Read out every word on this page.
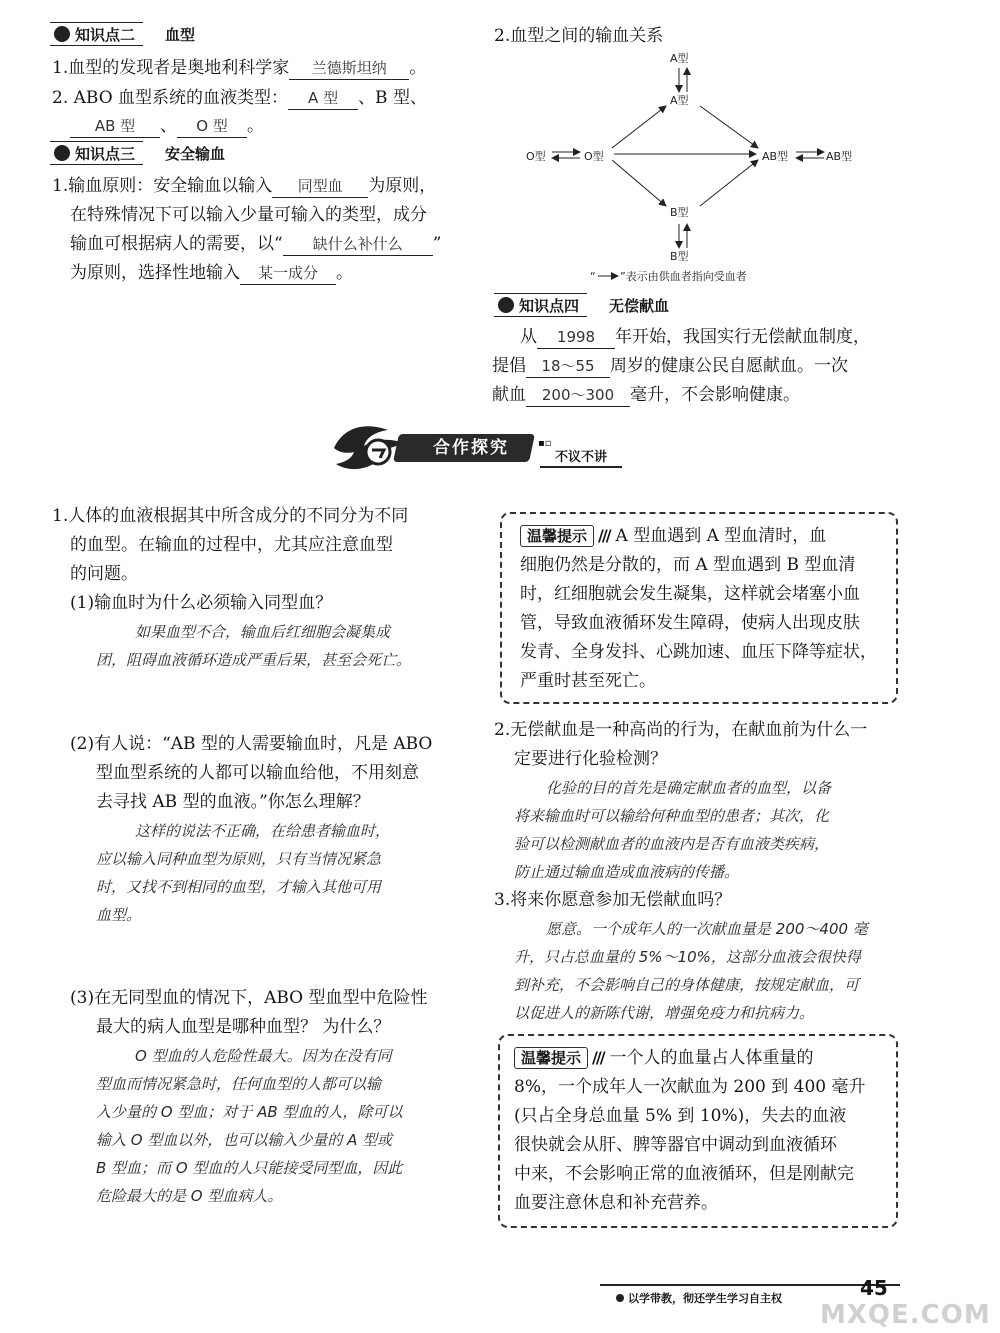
知识点二 血型
1.血型的发现者是奥地利科学家 兰德斯坦纳 。
2. ABO 血型系统的血液类型： A 型 、B 型、
AB 型 、 O 型 。
知识点三 安全输血
1.输血原则：安全输血以输入 同型血 为原则，
在特殊情况下可以输入少量可输入的类型，成分
输血可根据病人的需要，以“ 缺什么补什么 ”
为原则，选择性地输入 某一成分 。
2.血型之间的输血关系
A型
A型
O型	O型	AB型	AB型
B型
B型
“ ”表示由供血者指向受血者
知识点四 无偿献血
从 1998 年开始，我国实行无偿献血制度，
提倡 18～55 周岁的健康公民自愿献血。一次
献血 200～300 毫升，不会影响健康。
合作探究	▪▫
不议不讲
1.人体的血液根据其中所含成分的不同分为不同
的血型。在输血的过程中，尤其应注意血型
的问题。
(1)输血时为什么必须输入同型血？
如果血型不合，输血后红细胞会凝集成
团，阻碍血液循环造成严重后果，甚至会死亡。
(2)有人说：“AB 型的人需要输血时，凡是 ABO
型血型系统的人都可以输血给他，不用刻意
去寻找 AB 型的血液。”你怎么理解？
这样的说法不正确，在给患者输血时，
应以输入同种血型为原则，只有当情况紧急
时，又找不到相同的血型，才输入其他可用
血型。
(3)在无同型血的情况下，ABO 型血型中危险性
最大的病人血型是哪种血型？ 为什么？
O 型血的人危险性最大。因为在没有同
型血而情况紧急时，任何血型的人都可以输
入少量的 O 型血；对于 AB 型血的人，除可以
输入 O 型血以外，也可以输入少量的 A 型或
B 型血；而 O 型血的人只能接受同型血，因此
危险最大的是 O 型血病人。
温馨提示 /// A 型血遇到 A 型血清时，血
细胞仍然是分散的，而 A 型血遇到 B 型血清
时，红细胞就会发生凝集，这样就会堵塞小血
管，导致血液循环发生障碍，使病人出现皮肤
发青、全身发抖、心跳加速、血压下降等症状，
严重时甚至死亡。
2.无偿献血是一种高尚的行为，在献血前为什么一
定要进行化验检测？
化验的目的首先是确定献血者的血型，以备
将来输血时可以输给何种血型的患者；其次，化
验可以检测献血者的血液内是否有血液类疾病，
防止通过输血造成血液病的传播。
3.将来你愿意参加无偿献血吗？
愿意。一个成年人的一次献血量是 200～400 毫
升，只占总血量的 5%～10%，这部分血液会很快得
到补充，不会影响自己的身体健康，按规定献血，可
以促进人的新陈代谢，增强免疫力和抗病力。
温馨提示 /// 一个人的血量占人体重量的
8%，一个成年人一次献血为 200 到 400 毫升
(只占全身总血量 5% 到 10%)，失去的血液
很快就会从肝、脾等器官中调动到血液循环
中来，不会影响正常的血液循环，但是刚献完
血要注意休息和补充营养。
以学带教，彻还学生学习自主权	45
MXQE.COM
